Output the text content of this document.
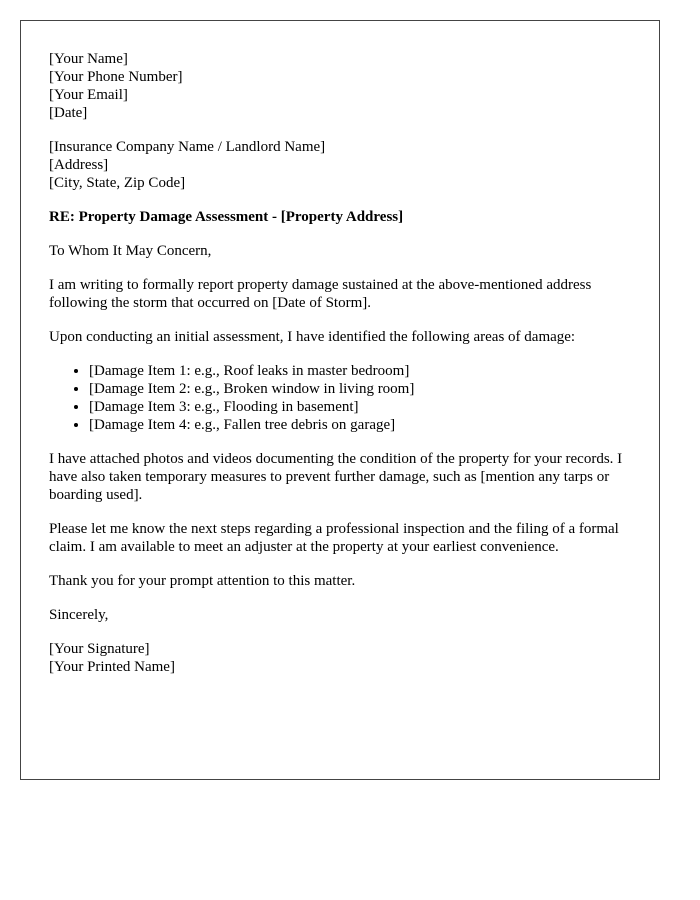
[Your Name]
[Your Phone Number]
[Your Email]
[Date]
[Insurance Company Name / Landlord Name]
[Address]
[City, State, Zip Code]

RE: Property Damage Assessment - [Property Address]

To Whom It May Concern,

I am writing to formally report property damage sustained at the above-mentioned address following the storm that occurred on [Date of Storm].

Upon conducting an initial assessment, I have identified the following areas of damage:

• [Damage Item 1: e.g., Roof leaks in master bedroom]
• [Damage Item 2: e.g., Broken window in living room]
• [Damage Item 3: e.g., Flooding in basement]
• [Damage Item 4: e.g., Fallen tree debris on garage]

I have attached photos and videos documenting the condition of the property for your records. I have also taken temporary measures to prevent further damage, such as [mention any tarps or boarding used].

Please let me know the next steps regarding a professional inspection and the filing of a formal claim. I am available to meet an adjuster at the property at your earliest convenience.

Thank you for your prompt attention to this matter.

Sincerely,

[Your Signature]
[Your Printed Name]
